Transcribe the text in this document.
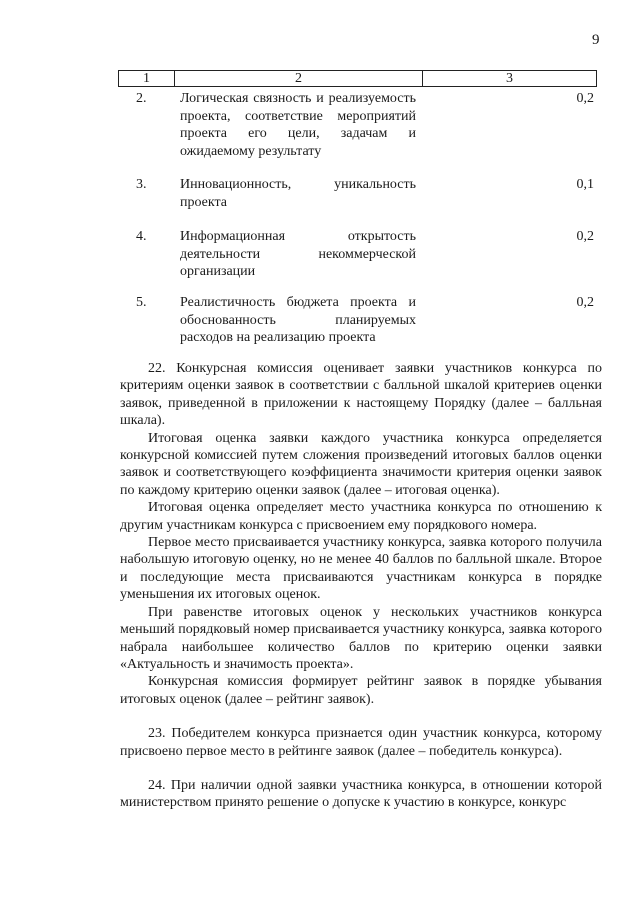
9
1	2	3
2. Логическая связность и реализуемость проекта, соответствие мероприятий проекта его цели, задачам и ожидаемому результату
0,2
3. Инновационность, уникальность проекта
0,1
4. Информационная открытость деятельности некоммерческой организации
0,2
5. Реалистичность бюджета проекта и обоснованность планируемых расходов на реализацию проекта
0,2

22. Конкурсная комиссия оценивает заявки участников конкурса по критериям оценки заявок в соответствии с балльной шкалой критериев оценки заявок, приведенной в приложении к настоящему Порядку (далее – балльная шкала).

Итоговая оценка заявки каждого участника конкурса определяется конкурсной комиссией путем сложения произведений итоговых баллов оценки заявок и соответствующего коэффициента значимости критерия оценки заявок по каждому критерию оценки заявок (далее – итоговая оценка).

Итоговая оценка определяет место участника конкурса по отношению к другим участникам конкурса с присвоением ему порядкового номера.

Первое место присваивается участнику конкурса, заявка которого получила набольшую итоговую оценку, но не менее 40 баллов по балльной шкале. Второе и последующие места присваиваются участникам конкурса в порядке уменьшения их итоговых оценок.

При равенстве итоговых оценок у нескольких участников конкурса меньший порядковый номер присваивается участнику конкурса, заявка которого набрала наибольшее количество баллов по критерию оценки заявки «Актуальность и значимость проекта».

Конкурсная комиссия формирует рейтинг заявок в порядке убывания итоговых оценок (далее – рейтинг заявок).

23. Победителем конкурса признается один участник конкурса, которому присвоено первое место в рейтинге заявок (далее – победитель конкурса).

24. При наличии одной заявки участника конкурса, в отношении которой министерством принято решение о допуске к участию в конкурсе, конкурс
